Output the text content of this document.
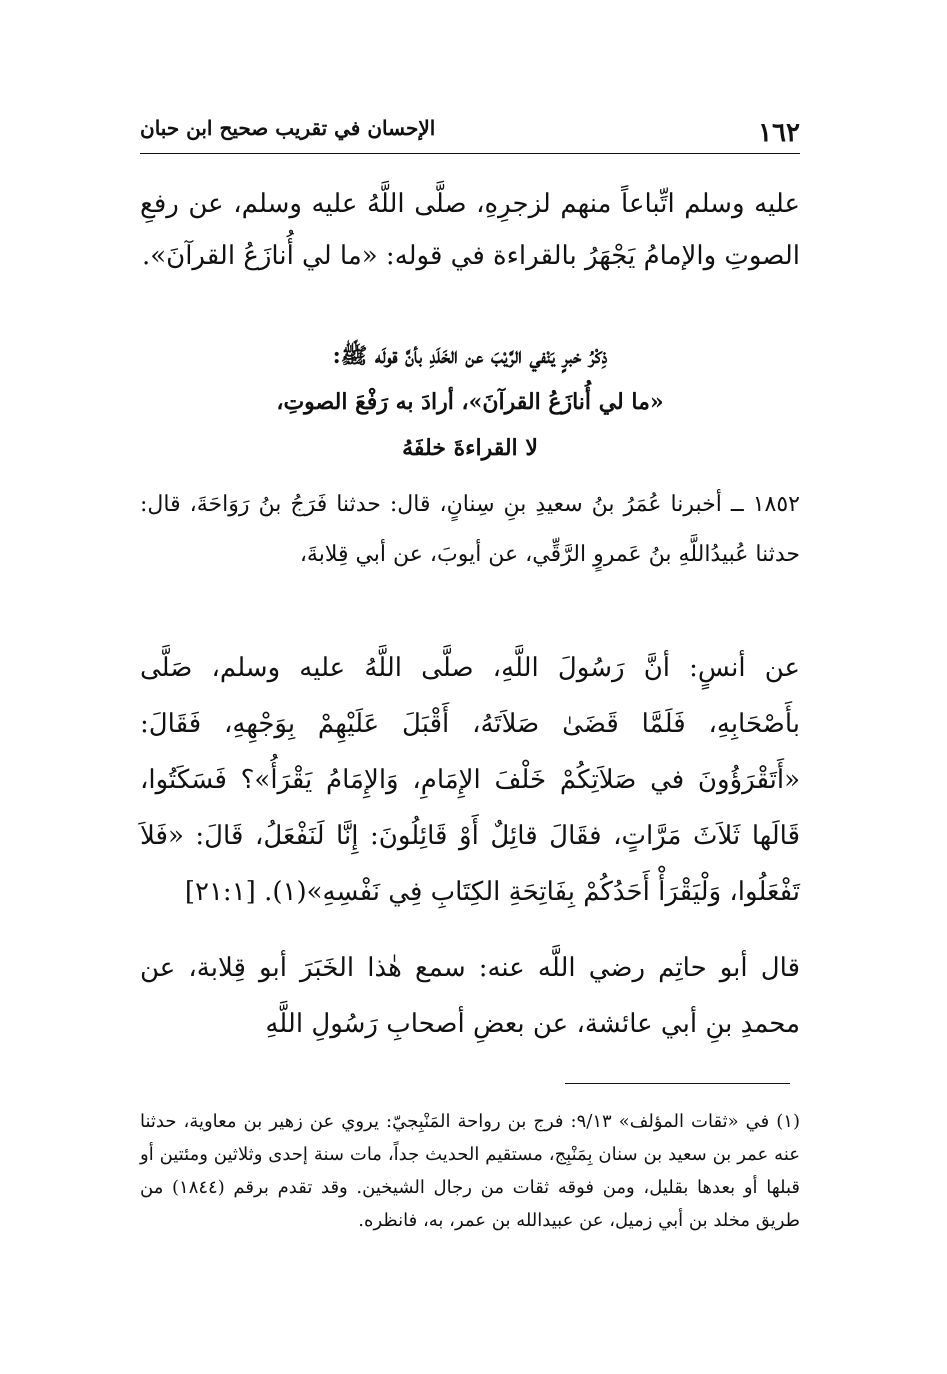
١٦٢
الإحسان في تقريب صحيح ابن حبان
عليه وسلم اتِّباعاً منهم لزجرِهِ، صلَّى اللَّهُ عليه وسلم، عن رفعِ الصوتِ والإمامُ يَجْهَرُ بالقراءة في قوله: «ما لي أُنازَعُ القرآنَ».
ذِكْرُ خبرٍ يَنْفي الرَّيْبَ عن الخَلَدِ بأنَّ قولَه ﷺ:
«ما لي أُنازَعُ القرآنَ»، أرادَ به رَفْعَ الصوتِ،
لا القراءةَ خلفَهُ
١٨٥٢ ــ أخبرنا عُمَرُ بنُ سعيدِ بنِ سِنانٍ، قال: حدثنا فَرَجُ بنُ رَوَاحَةَ، قال: حدثنا عُبيدُاللَّهِ بنُ عَمروٍ الرَّقِّي، عن أيوبَ، عن أبي قِلابةَ،
عن أنسٍ: أنَّ رَسُولَ اللَّهِ، صلَّى اللَّهُ عليه وسلم، صَلَّى بأَصْحَابِهِ، فَلَمَّا قَضَىٰ صَلاَتَهُ، أَقْبَلَ عَلَيْهِمْ بِوَجْهِهِ، فَقَالَ: «أَتَقْرَؤُونَ في صَلاَتِكُمْ خَلْفَ الإِمَامِ، وَالإِمَامُ يَقْرَأُ»؟ فَسَكَتُوا، قَالَها ثَلاَثَ مَرَّاتٍ، فقَالَ قائِلٌ أَوْ قَائِلُونَ: إِنَّا لَنَفْعَلُ، قَالَ: «فَلاَ تَفْعَلُوا، وَلْيَقْرَأْ أَحَدُكُمْ بِفَاتِحَةِ الكِتَابِ فِي نَفْسِهِ»(١). [٢١:١]
قال أبو حاتِم رضي اللَّه عنه: سمع هٰذا الخَبَرَ أبو قِلابة، عن محمدِ بنِ أبي عائشة، عن بعضِ أصحابِ رَسُولِ اللَّهِ
(١) في «ثقات المؤلف» ٩/١٣: فرج بن رواحة المَنْبِجيّ: يروي عن زهير بن معاوية، حدثنا عنه عمر بن سعيد بن سنان بِمَنْبِج، مستقيم الحديث جداً، مات سنة إحدى وثلاثين ومئتين أو قبلها أو بعدها بقليل، ومن فوقه ثقات من رجال الشيخين. وقد تقدم برقم (١٨٤٤) من طريق مخلد بن أبي زميل، عن عبيدالله بن عمر، به، فانظره.
